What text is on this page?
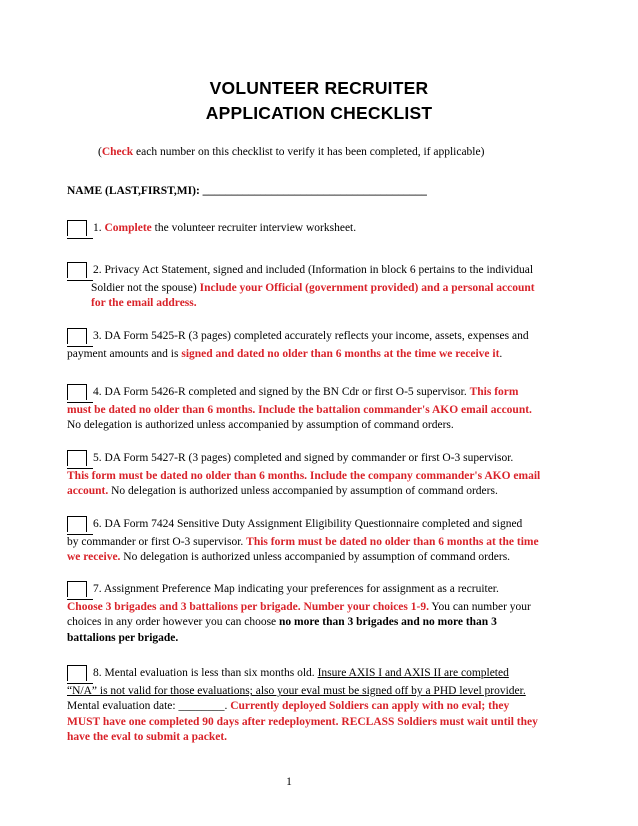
VOLUNTEER RECRUITER
APPLICATION CHECKLIST
(Check each number on this checklist to verify it has been completed, if applicable)
NAME (LAST,FIRST,MI): _______________________________________
1. Complete the volunteer recruiter interview worksheet.
2. Privacy Act Statement, signed and included (Information in block 6 pertains to the individual

Soldier not the spouse) Include your Official (government provided) and a personal account
for the email address.
3. DA Form 5425-R (3 pages) completed accurately reflects your income, assets, expenses and
payment amounts and is signed and dated no older than 6 months at the time we receive it.
4. DA Form 5426-R completed and signed by the BN Cdr or first O-5 supervisor. This form
must be dated no older than 6 months. Include the battalion commander's AKO email account.
No delegation is authorized unless accompanied by assumption of command orders.
5. DA Form 5427-R (3 pages) completed and signed by commander or first O-3 supervisor.
This form must be dated no older than 6 months. Include the company commander's AKO email
account. No delegation is authorized unless accompanied by assumption of command orders.
6. DA Form 7424 Sensitive Duty Assignment Eligibility Questionnaire completed and signed
by commander or first O-3 supervisor. This form must be dated no older than 6 months at the time
we receive. No delegation is authorized unless accompanied by assumption of command orders.
7. Assignment Preference Map indicating your preferences for assignment as a recruiter.
Choose 3 brigades and 3 battalions per brigade. Number your choices 1-9. You can number your
choices in any order however you can choose no more than 3 brigades and no more than 3
battalions per brigade.
8. Mental evaluation is less than six months old. Insure AXIS I and AXIS II are completed
“N/A” is not valid for those evaluations; also your eval must be signed off by a PHD level provider.
Mental evaluation date: ________. Currently deployed Soldiers can apply with no eval; they
MUST have one completed 90 days after redeployment. RECLASS Soldiers must wait until they
have the eval to submit a packet.
1
